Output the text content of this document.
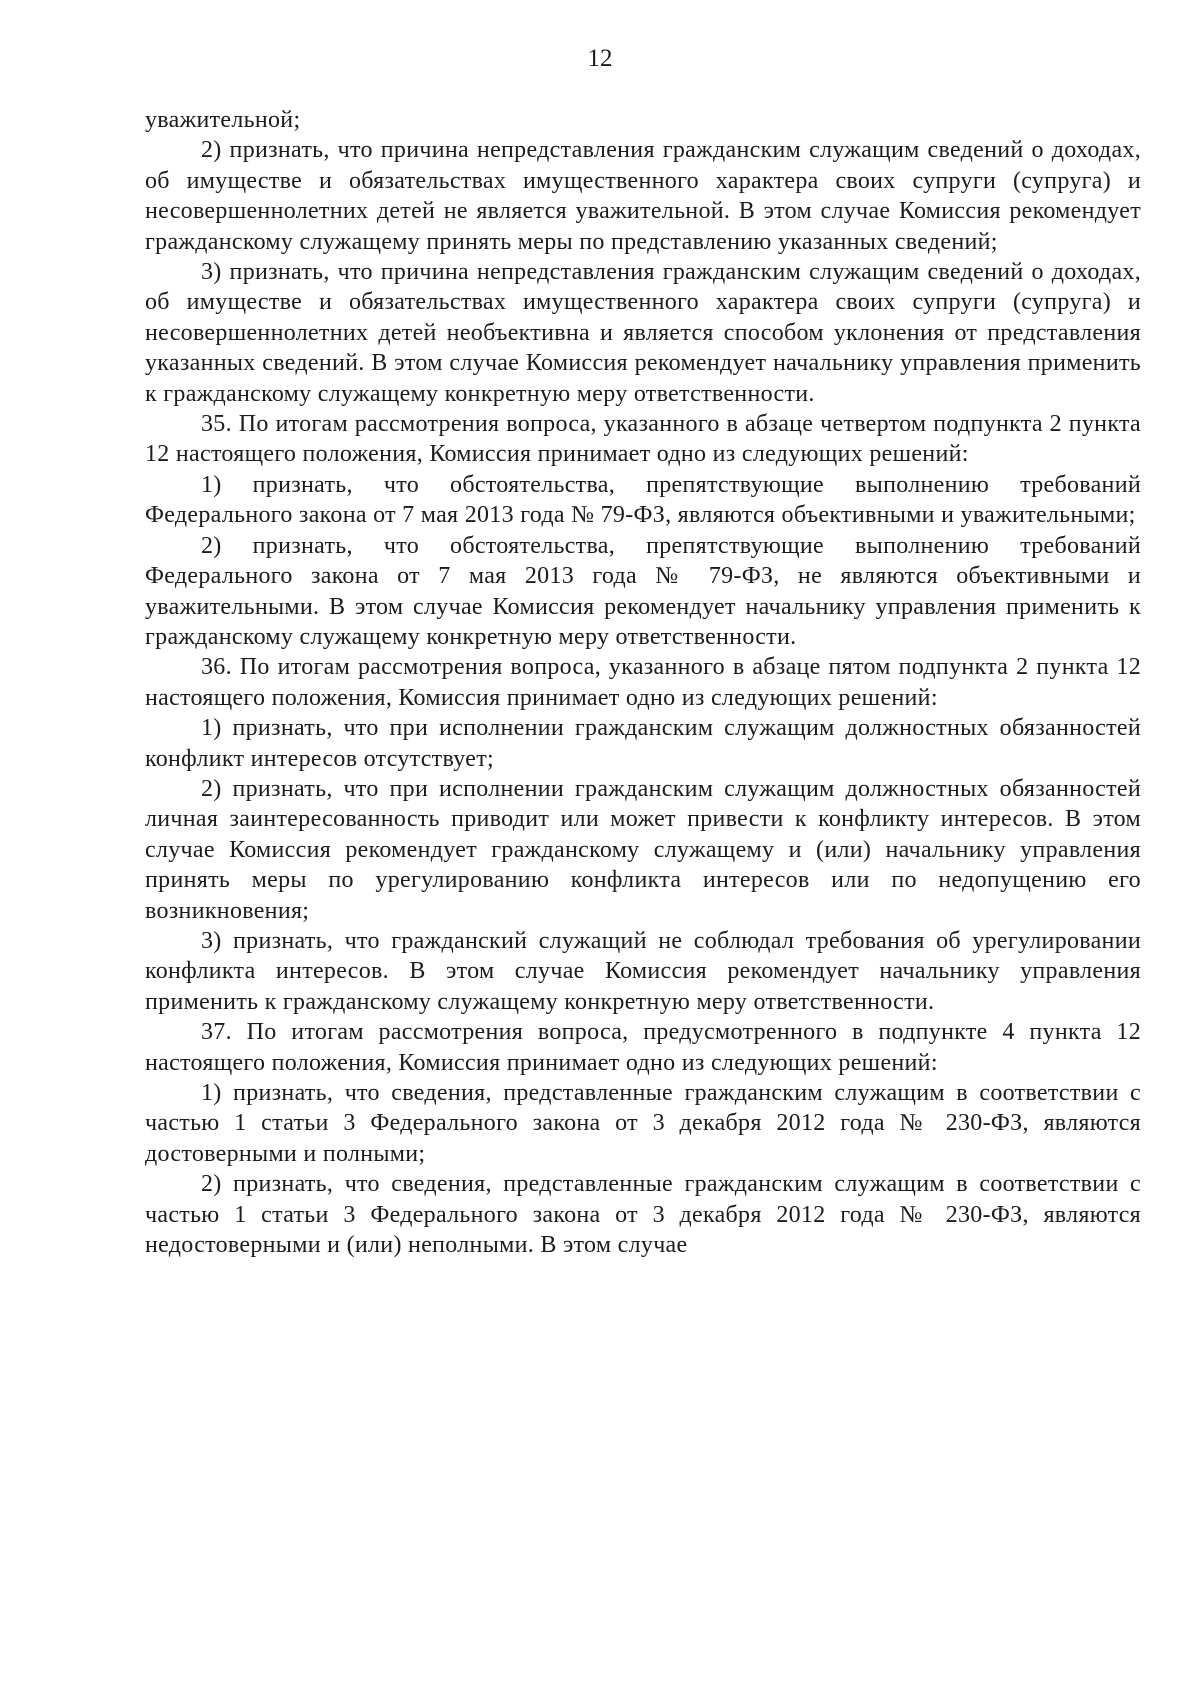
12

уважительной;

2) признать, что причина непредставления гражданским служащим сведений о доходах, об имуществе и обязательствах имущественного характера своих супруги (супруга) и несовершеннолетних детей не является уважительной. В этом случае Комиссия рекомендует гражданскому служащему принять меры по представлению указанных сведений;

3) признать, что причина непредставления гражданским служащим сведений о доходах, об имуществе и обязательствах имущественного характера своих супруги (супруга) и несовершеннолетних детей необъективна и является способом уклонения от представления указанных сведений. В этом случае Комиссия рекомендует начальнику управления применить к гражданскому служащему конкретную меру ответственности.

35. По итогам рассмотрения вопроса, указанного в абзаце четвертом подпункта 2 пункта 12 настоящего положения, Комиссия принимает одно из следующих решений:

1) признать, что обстоятельства, препятствующие выполнению требований Федерального закона от 7 мая 2013 года № 79-ФЗ, являются объективными и уважительными;

2) признать, что обстоятельства, препятствующие выполнению требований Федерального закона от 7 мая 2013 года № 79-ФЗ, не являются объективными и уважительными. В этом случае Комиссия рекомендует начальнику управления применить к гражданскому служащему конкретную меру ответственности.

36. По итогам рассмотрения вопроса, указанного в абзаце пятом подпункта 2 пункта 12 настоящего положения, Комиссия принимает одно из следующих решений:

1) признать, что при исполнении гражданским служащим должностных обязанностей конфликт интересов отсутствует;

2) признать, что при исполнении гражданским служащим должностных обязанностей личная заинтересованность приводит или может привести к конфликту интересов. В этом случае Комиссия рекомендует гражданскому служащему и (или) начальнику управления принять меры по урегулированию конфликта интересов или по недопущению его возникновения;

3) признать, что гражданский служащий не соблюдал требования об урегулировании конфликта интересов. В этом случае Комиссия рекомендует начальнику управления применить к гражданскому служащему конкретную меру ответственности.

37. По итогам рассмотрения вопроса, предусмотренного в подпункте 4 пункта 12 настоящего положения, Комиссия принимает одно из следующих решений:

1) признать, что сведения, представленные гражданским служащим в соответствии с частью 1 статьи 3 Федерального закона от 3 декабря 2012 года № 230-ФЗ, являются достоверными и полными;

2) признать, что сведения, представленные гражданским служащим в соответствии с частью 1 статьи 3 Федерального закона от 3 декабря 2012 года № 230-ФЗ, являются недостоверными и (или) неполными. В этом случае
